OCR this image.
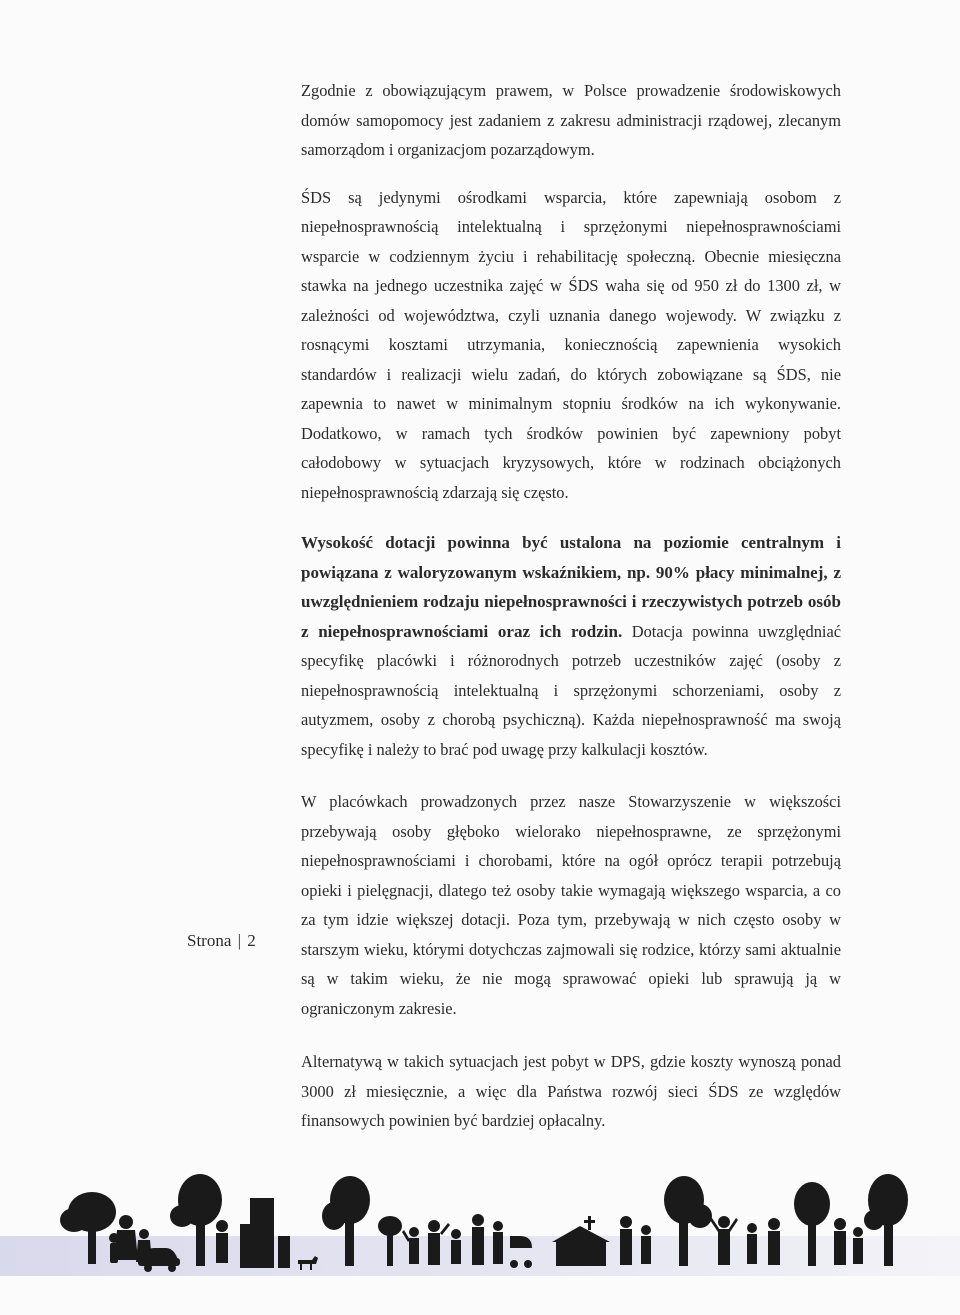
Zgodnie z obowiązującym prawem, w Polsce prowadzenie środowiskowych domów samopomocy jest zadaniem z zakresu administracji rządowej, zlecanym samorządom i organizacjom pozarządowym.

ŚDS są jedynymi ośrodkami wsparcia, które zapewniają osobom z niepełnosprawnością intelektualną i sprzężonymi niepełnosprawnościami wsparcie w codziennym życiu i rehabilitację społeczną. Obecnie miesięczna stawka na jednego uczestnika zajęć w ŚDS waha się od 950 zł do 1300 zł, w zależności od województwa, czyli uznania danego wojewody. W związku z rosnącymi kosztami utrzymania, koniecznością zapewnienia wysokich standardów i realizacji wielu zadań, do których zobowiązane są ŚDS, nie zapewnia to nawet w minimalnym stopniu środków na ich wykonywanie. Dodatkowo, w ramach tych środków powinien być zapewniony pobyt całodobowy w sytuacjach kryzysowych, które w rodzinach obciążonych niepełnosprawnością zdarzają się często.

Wysokość dotacji powinna być ustalona na poziomie centralnym i powiązana z waloryzowanym wskaźnikiem, np. 90% płacy minimalnej, z uwzględnieniem rodzaju niepełnosprawności i rzeczywistych potrzeb osób z niepełnosprawnościami oraz ich rodzin. Dotacja powinna uwzględniać specyfikę placówki i różnorodnych potrzeb uczestników zajęć (osoby z niepełnosprawnością intelektualną i sprzężonymi schorzeniami, osoby z autyzmem, osoby z chorobą psychiczną). Każda niepełnosprawność ma swoją specyfikę i należy to brać pod uwagę przy kalkulacji kosztów.

W placówkach prowadzonych przez nasze Stowarzyszenie w większości przebywają osoby głęboko wielorako niepełnosprawne, ze sprzężonymi niepełnosprawnościami i chorobami, które na ogół oprócz terapii potrzebują opieki i pielęgnacji, dlatego też osoby takie wymagają większego wsparcia, a co za tym idzie większej dotacji. Poza tym, przebywają w nich często osoby w starszym wieku, którymi dotychczas zajmowali się rodzice, którzy sami aktualnie są w takim wieku, że nie mogą sprawować opieki lub sprawują ją w ograniczonym zakresie.

Alternatywą w takich sytuacjach jest pobyt w DPS, gdzie koszty wynoszą ponad 3000 zł miesięcznie, a więc dla Państwa rozwój sieci ŚDS ze względów finansowych powinien być bardziej opłacalny.

Strona | 2
